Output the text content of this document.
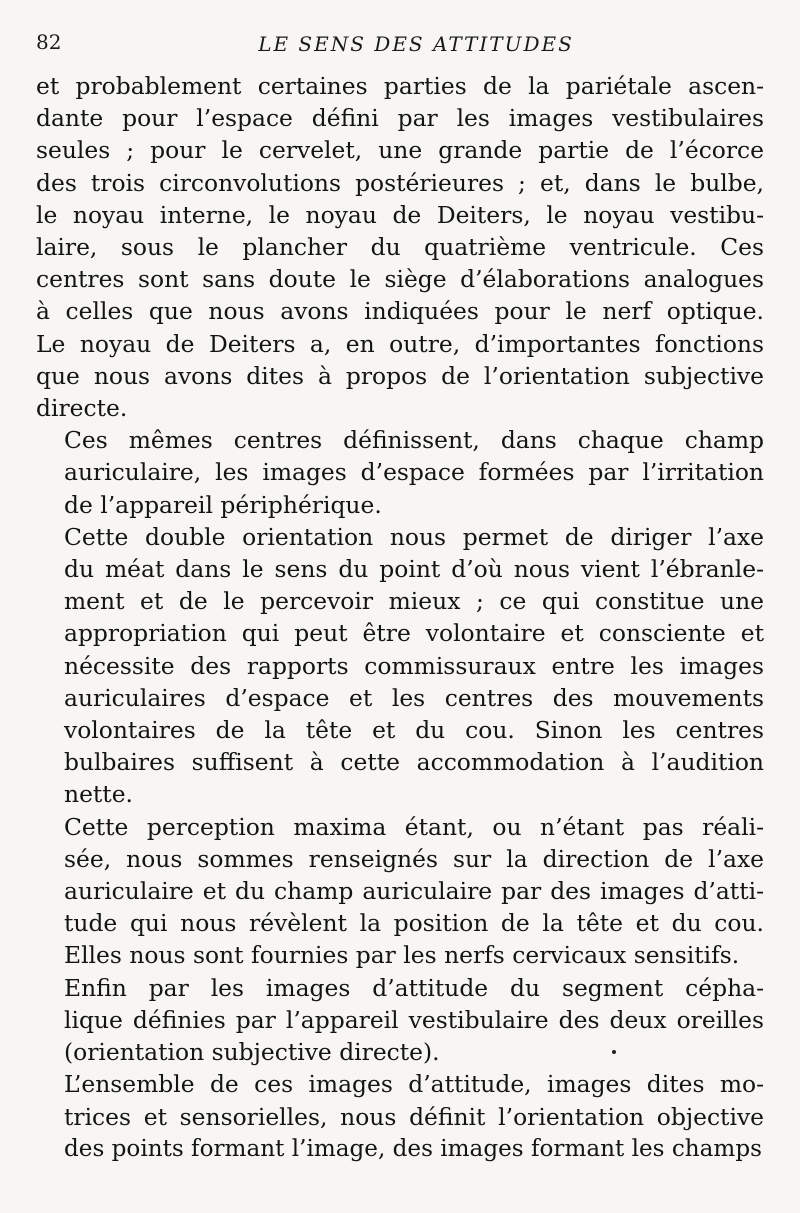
82	LE SENS DES ATTITUDES
et probablement certaines parties de la pariétale ascen-
dante pour l’espace défini par les images vestibulaires
seules ; pour le cervelet, une grande partie de l’écorce
des trois circonvolutions postérieures ; et, dans le bulbe,
le noyau interne, le noyau de Deiters, le noyau vestibu-
laire, sous le plancher du quatrième ventricule. Ces
centres sont sans doute le siège d’élaborations analogues
à celles que nous avons indiquées pour le nerf optique.
Le noyau de Deiters a, en outre, d’importantes fonctions
que nous avons dites à propos de l’orientation subjective
directe.
Ces mêmes centres définissent, dans chaque champ
auriculaire, les images d’espace formées par l’irritation
de l’appareil périphérique.
Cette double orientation nous permet de diriger l’axe
du méat dans le sens du point d’où nous vient l’ébranle-
ment et de le percevoir mieux ; ce qui constitue une
appropriation qui peut être volontaire et consciente et
nécessite des rapports commissuraux entre les images
auriculaires d’espace et les centres des mouvements
volontaires de la tête et du cou. Sinon les centres
bulbaires suffisent à cette accommodation à l’audition
nette.
Cette perception maxima étant, ou n’étant pas réali-
sée, nous sommes renseignés sur la direction de l’axe
auriculaire et du champ auriculaire par des images d’atti-
tude qui nous révèlent la position de la tête et du cou.
Elles nous sont fournies par les nerfs cervicaux sensitifs.
Enfin par les images d’attitude du segment cépha-
lique définies par l’appareil vestibulaire des deux oreilles
(orientation subjective directe).
L’ensemble de ces images d’attitude, images dites mo-
trices et sensorielles, nous définit l’orientation objective
des points formant l’image, des images formant les champs
